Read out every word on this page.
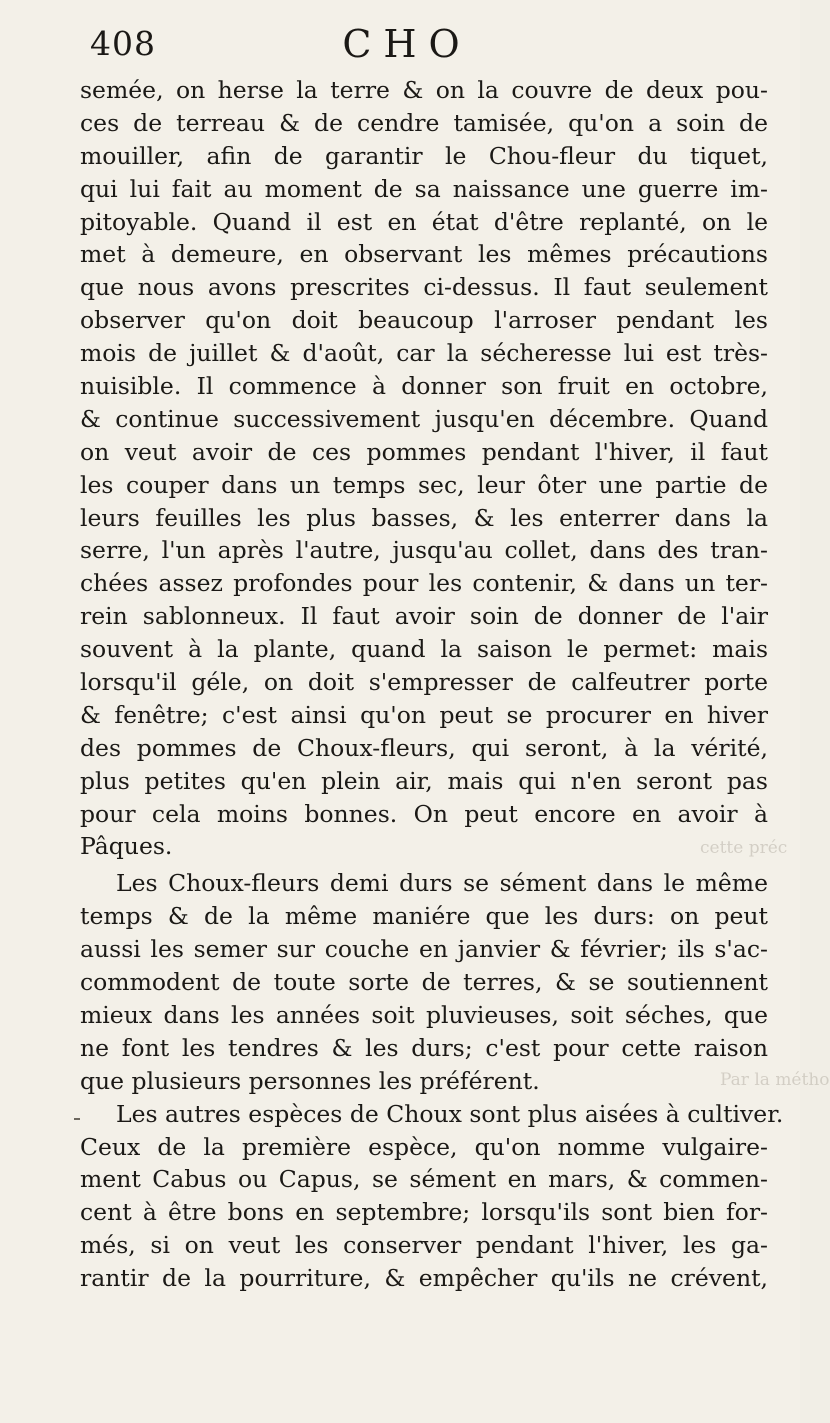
408	CHO
semée, on herse la terre & on la couvre de deux pou-
ces de terreau & de cendre tamisée, qu'on a soin de
mouiller, afin de garantir le Chou-fleur du tiquet,
qui lui fait au moment de sa naissance une guerre im-
pitoyable. Quand il est en état d'être replanté, on le
met à demeure, en observant les mêmes précautions
que nous avons prescrites ci-dessus. Il faut seulement
observer qu'on doit beaucoup l'arroser pendant les
mois de juillet & d'août, car la sécheresse lui est très-
nuisible. Il commence à donner son fruit en octobre,
& continue successivement jusqu'en décembre. Quand
on veut avoir de ces pommes pendant l'hiver, il faut
les couper dans un temps sec, leur ôter une partie de
leurs feuilles les plus basses, & les enterrer dans la
serre, l'un après l'autre, jusqu'au collet, dans des tran-
chées assez profondes pour les contenir, & dans un ter-
rein sablonneux. Il faut avoir soin de donner de l'air
souvent à la plante, quand la saison le permet: mais
lorsqu'il géle, on doit s'empresser de calfeutrer porte
& fenêtre; c'est ainsi qu'on peut se procurer en hiver
des pommes de Choux-fleurs, qui seront, à la vérité,
plus petites qu'en plein air, mais qui n'en seront pas
pour cela moins bonnes. On peut encore en avoir à
Pâques.
Les Choux-fleurs demi durs se sément dans le même
temps & de la même maniére que les durs: on peut
aussi les semer sur couche en janvier & février; ils s'ac-
commodent de toute sorte de terres, & se soutiennent
mieux dans les années soit pluvieuses, soit séches, que
ne font les tendres & les durs; c'est pour cette raison
que plusieurs personnes les préférent.
Les autres espèces de Choux sont plus aisées à cultiver.
Ceux de la première espèce, qu'on nomme vulgaire-
ment Cabus ou Capus, se sément en mars, & commen-
cent à être bons en septembre; lorsqu'ils sont bien for-
més, si on veut les conserver pendant l'hiver, les ga-
rantir de la pourriture, & empêcher qu'ils ne crévent,
cette préc
Par la métho
